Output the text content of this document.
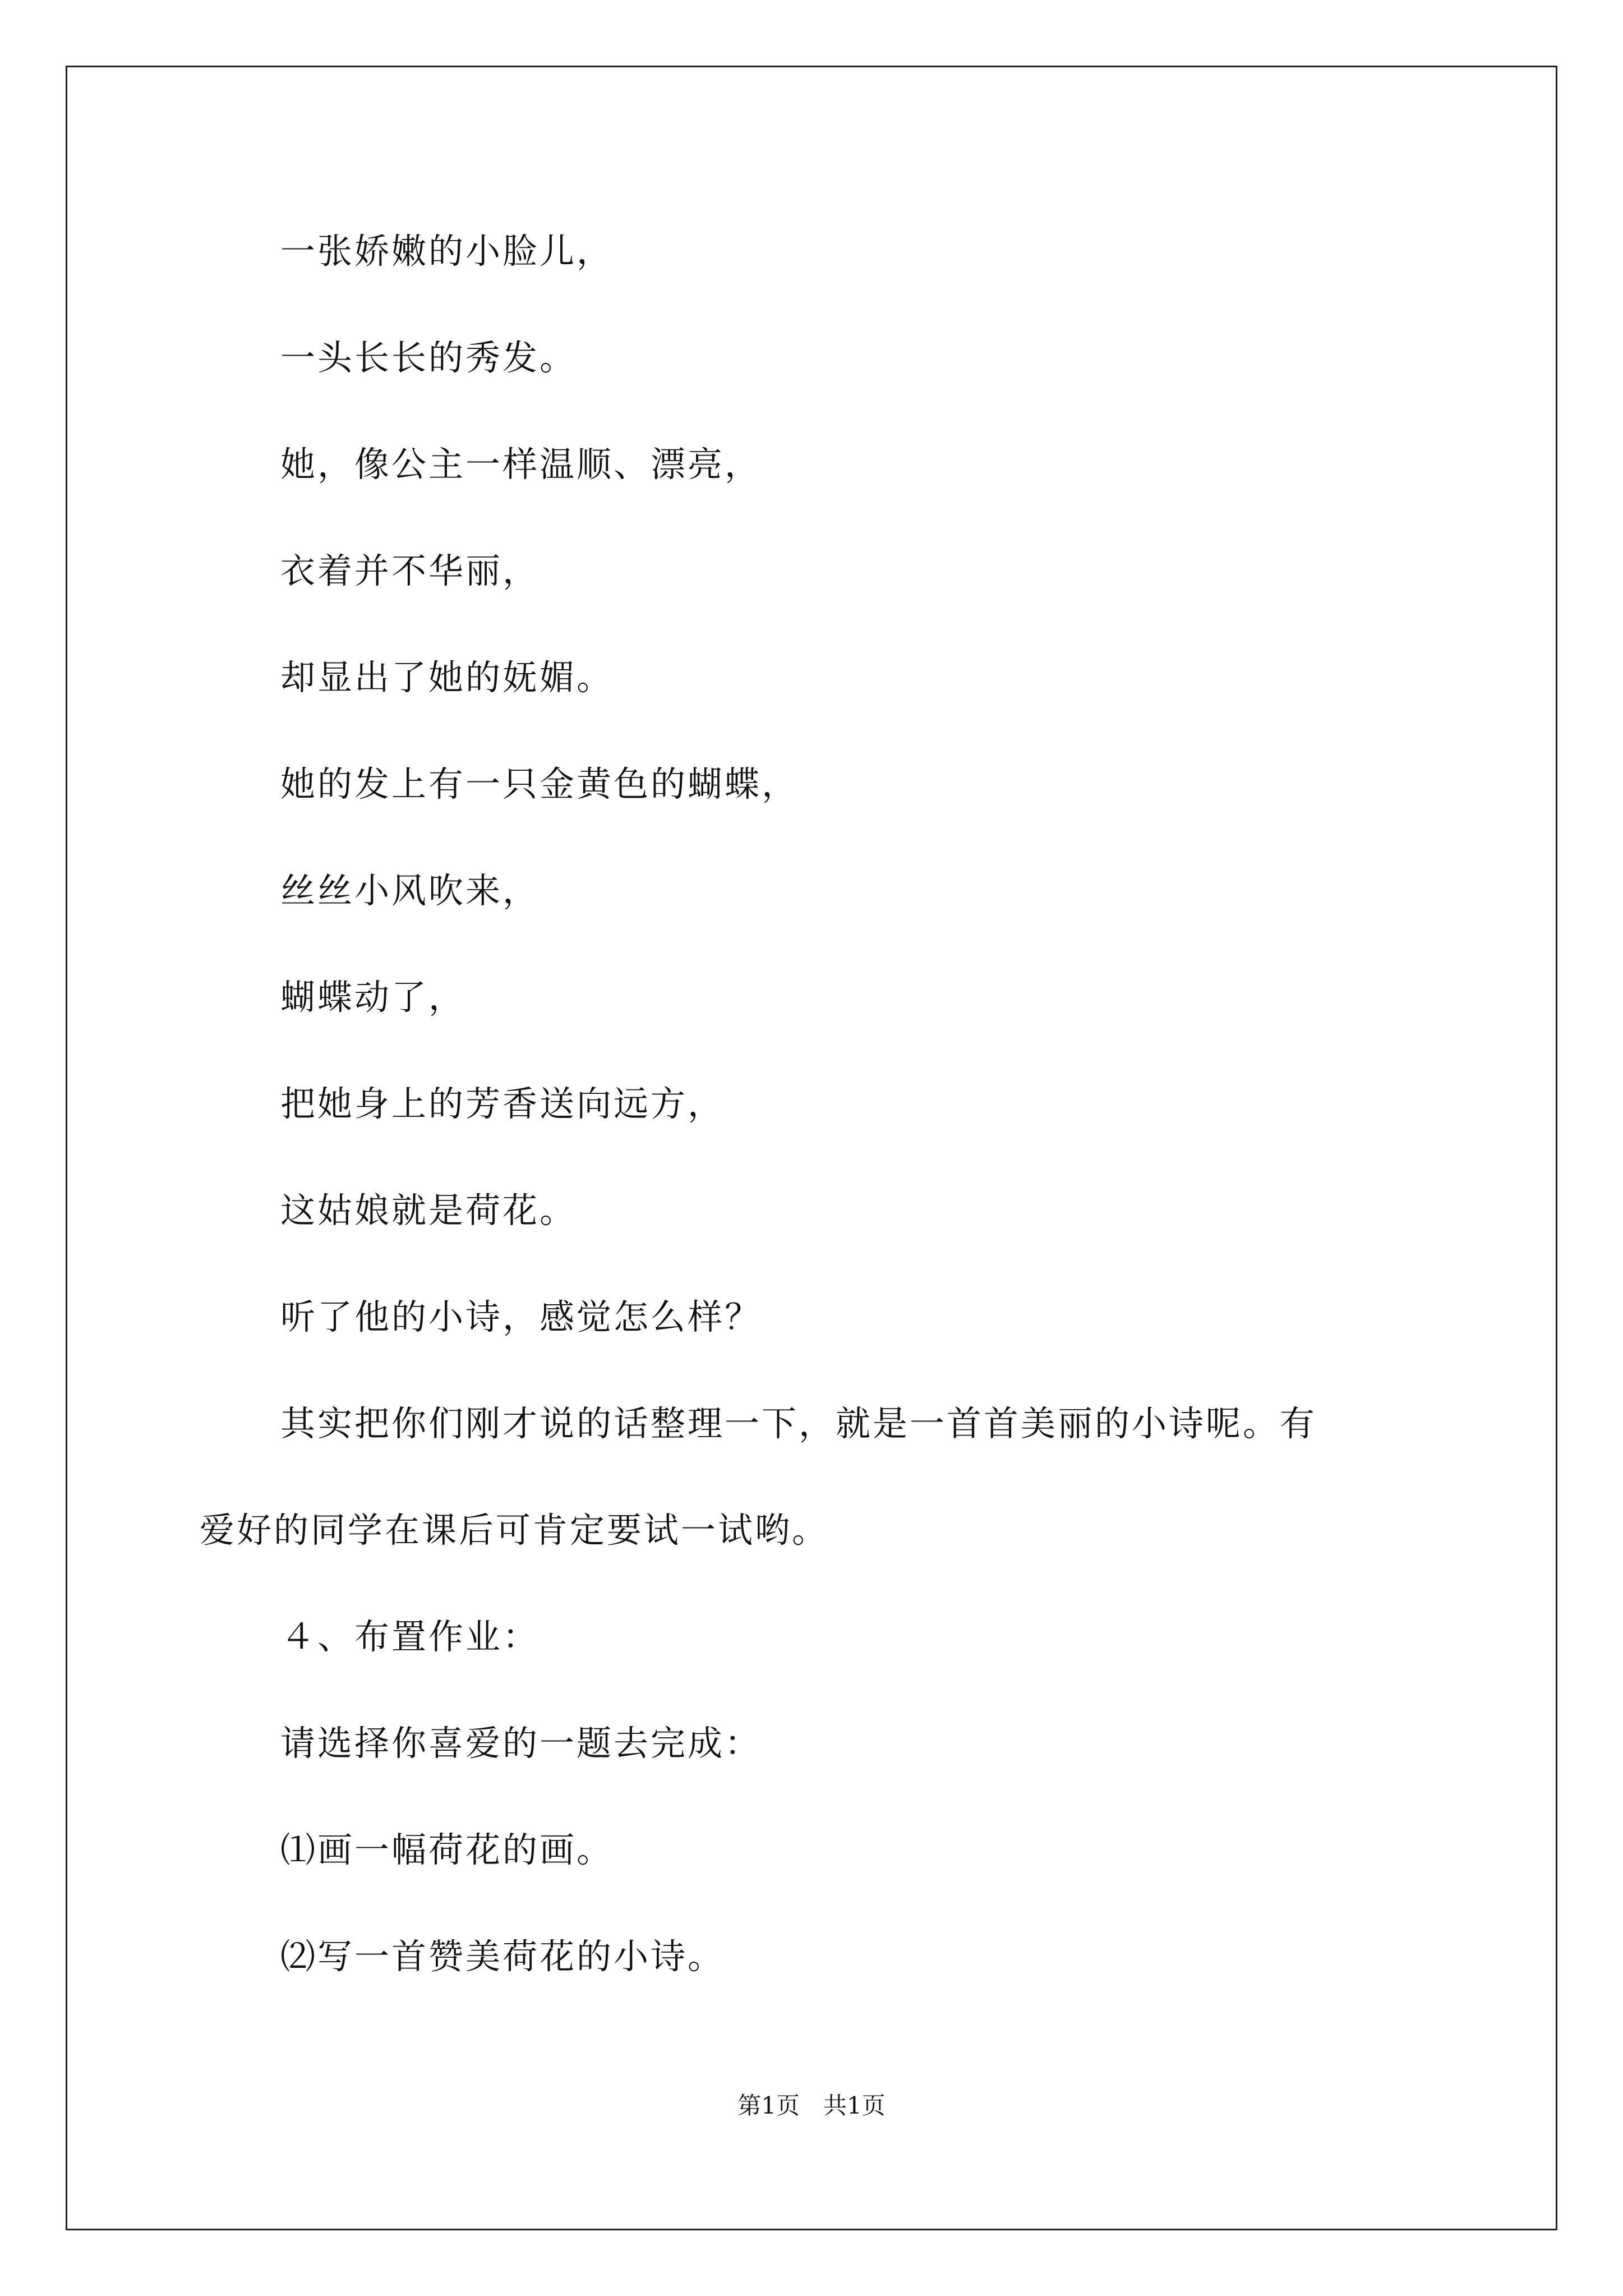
一张娇嫩的小脸儿，
一头长长的秀发。
她，像公主一样温顺、漂亮，
衣着并不华丽，
却显出了她的妩媚。
她的发上有一只金黄色的蝴蝶，
丝丝小风吹来，
蝴蝶动了，
把她身上的芳香送向远方，
这姑娘就是荷花。
听了他的小诗，感觉怎么样？
其实把你们刚才说的话整理一下，就是一首首美丽的小诗呢。有
爱好的同学在课后可肯定要试一试哟。
４、布置作业：
请选择你喜爱的一题去完成：
⑴画一幅荷花的画。
⑵写一首赞美荷花的小诗。
第1页　共1页
